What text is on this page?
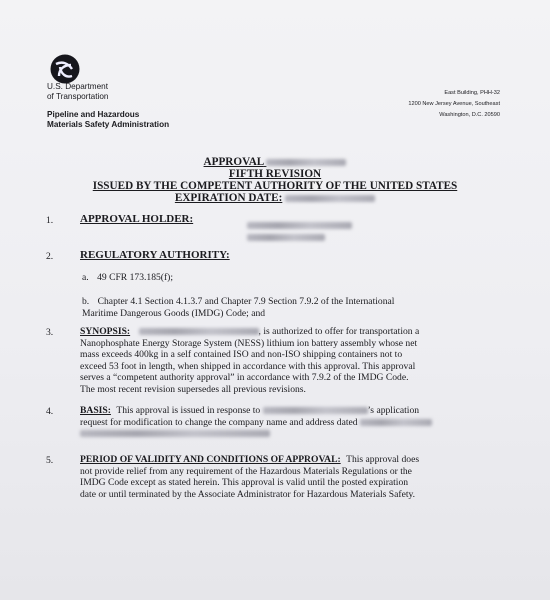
U.S. Department
of Transportation
Pipeline and Hazardous
Materials Safety Administration
East Building, PHH-32
1200 New Jersey Avenue, Southeast
Washington, D.C. 20590
APPROVAL
FIFTH REVISION
ISSUED BY THE COMPETENT AUTHORITY OF THE UNITED STATES
EXPIRATION DATE:
1. APPROVAL HOLDER:
2. REGULATORY AUTHORITY:
a. 49 CFR 173.185(f);
b. Chapter 4.1 Section 4.1.3.7 and Chapter 7.9 Section 7.9.2 of the International
Maritime Dangerous Goods (IMDG) Code; and
3.	SYNOPSIS:	, is authorized to offer for transportation a
Nanophosphate Energy Storage System (NESS) lithium ion battery assembly whose net
mass exceeds 400kg in a self contained ISO and non-ISO shipping containers not to
exceed 53 foot in length, when shipped in accordance with this approval. This approval
serves a “competent authority approval” in accordance with 7.9.2 of the IMDG Code.
The most recent revision supersedes all previous revisions.
4.	BASIS: This approval is issued in response to	’s application
request for modification to change the company name and address dated
5.	PERIOD OF VALIDITY AND CONDITIONS OF APPROVAL: This approval does
not provide relief from any requirement of the Hazardous Materials Regulations or the
IMDG Code except as stated herein. This approval is valid until the posted expiration
date or until terminated by the Associate Administrator for Hazardous Materials Safety.
